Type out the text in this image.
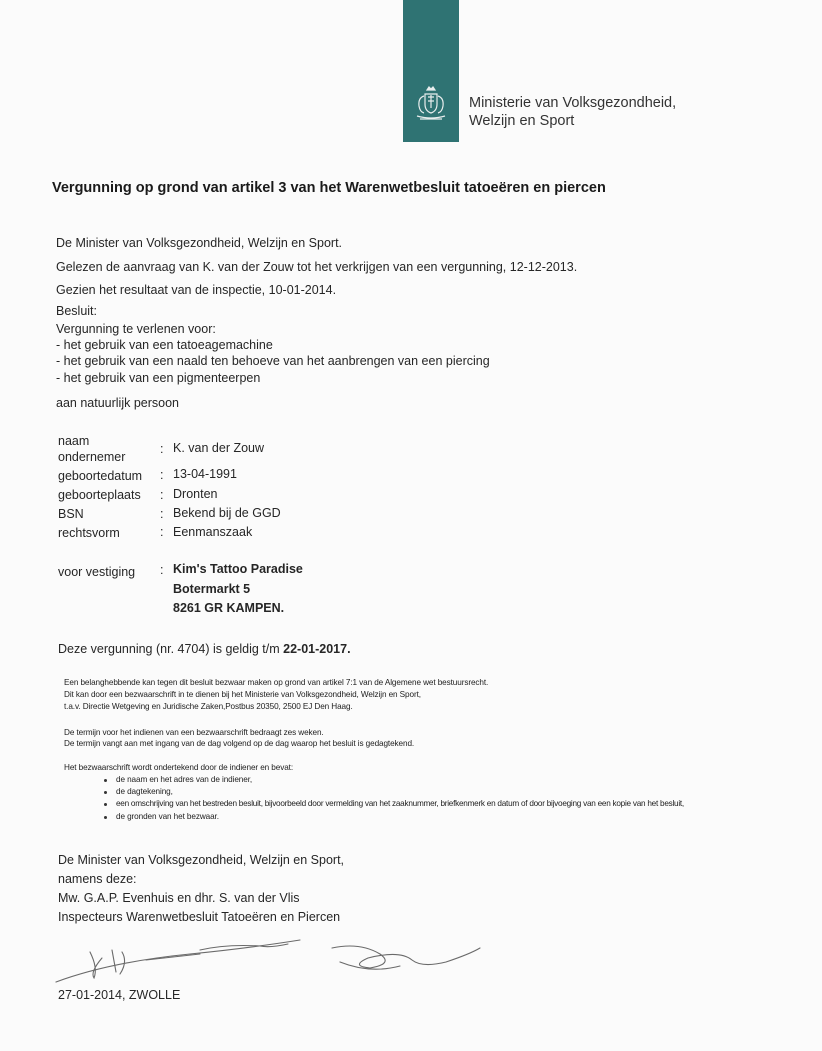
Ministerie van Volksgezondheid,
Welzijn en Sport
Vergunning op grond van artikel 3 van het Warenwetbesluit tatoeëren en piercen
De Minister van Volksgezondheid, Welzijn en Sport.
Gelezen de aanvraag van K. van der Zouw tot het verkrijgen van een vergunning, 12-12-2013.
Gezien het resultaat van de inspectie, 10-01-2014.
Besluit:
Vergunning te verlenen voor:
- het gebruik van een tatoeagemachine
- het gebruik van een naald ten behoeve van het aanbrengen van een piercing
- het gebruik van een pigmenteerpen
aan natuurlijk persoon
naam
ondernemer
: K. van der Zouw
geboortedatum : 13-04-1991
geboorteplaats : Dronten
BSN	: Bekend bij de GGD
rechtsvorm	: Eenmanszaak
voor vestiging : Kim's Tattoo Paradise
Botermarkt 5
8261 GR KAMPEN.
Deze vergunning (nr. 4704) is geldig t/m 22-01-2017.
Een belanghebbende kan tegen dit besluit bezwaar maken op grond van artikel 7:1 van de Algemene wet bestuursrecht.
Dit kan door een bezwaarschrift in te dienen bij het Ministerie van Volksgezondheid, Welzijn en Sport,
t.a.v. Directie Wetgeving en Juridische Zaken,Postbus 20350, 2500 EJ Den Haag.
De termijn voor het indienen van een bezwaarschrift bedraagt zes weken.
De termijn vangt aan met ingang van de dag volgend op de dag waarop het besluit is gedagtekend.
Het bezwaarschrift wordt ondertekend door de indiener en bevat:
de naam en het adres van de indiener,
de dagtekening,
een omschrijving van het bestreden besluit, bijvoorbeeld door vermelding van het zaaknummer, briefkenmerk en datum of door bijvoeging van een kopie van het besluit,
de gronden van het bezwaar.
De Minister van Volksgezondheid, Welzijn en Sport,
namens deze:
Mw. G.A.P. Evenhuis en dhr. S. van der Vlis
Inspecteurs Warenwetbesluit Tatoeëren en Piercen
27-01-2014, ZWOLLE
